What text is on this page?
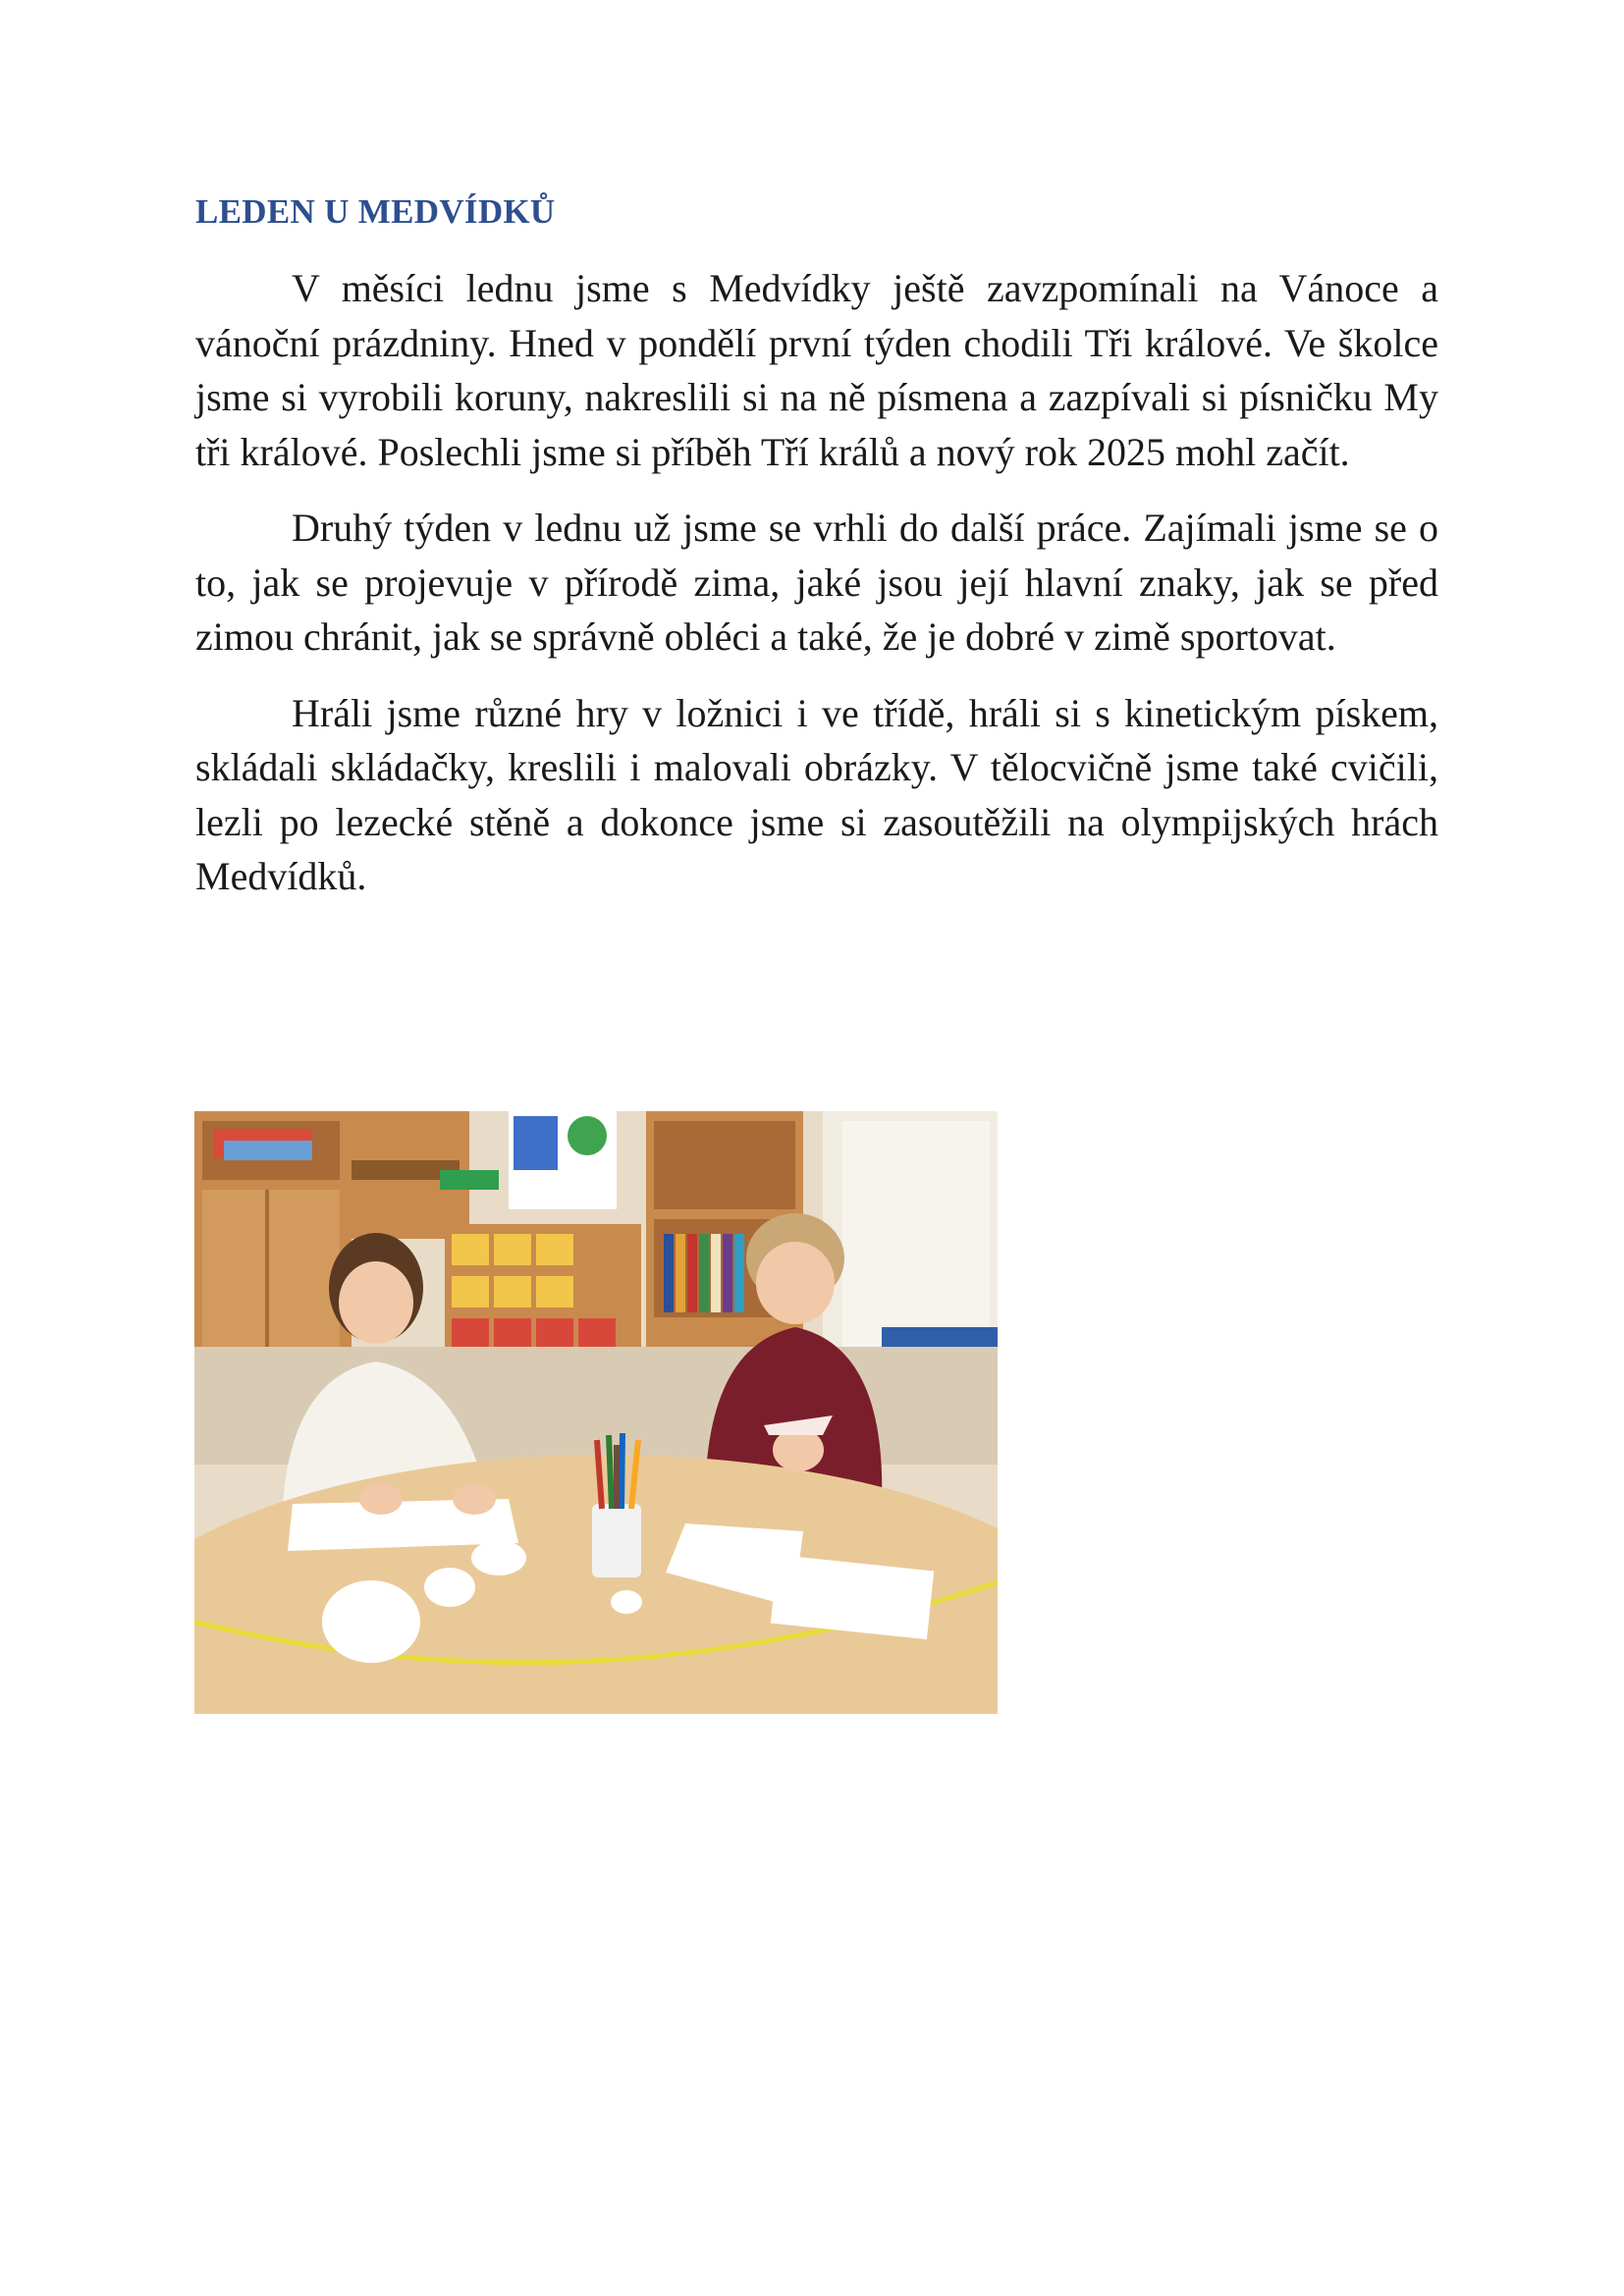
LEDEN U MEDVÍDKŮ

V měsíci lednu jsme s Medvídky ještě zavzpomínali na Vánoce a vánoční prázdniny. Hned v pondělí první týden chodili Tři králové. Ve školce jsme si vyrobili koruny, nakreslili si na ně písmena a zazpívali si písničku My tři králové. Poslechli jsme si příběh Tří králů a nový rok 2025 mohl začít.

Druhý týden v lednu už jsme se vrhli do další práce. Zajímali jsme se o to, jak se projevuje v přírodě zima, jaké jsou její hlavní znaky, jak se před zimou chránit, jak se správně obléci a také, že je dobré v zimě sportovat.

Hráli jsme různé hry v ložnici i ve třídě, hráli si s kinetickým pískem, skládali skládačky, kreslili i malovali obrázky. V tělocvičně jsme také cvičili, lezli po lezecké stěně a dokonce jsme si zasoutěžili na olympijských hrách Medvídků.
